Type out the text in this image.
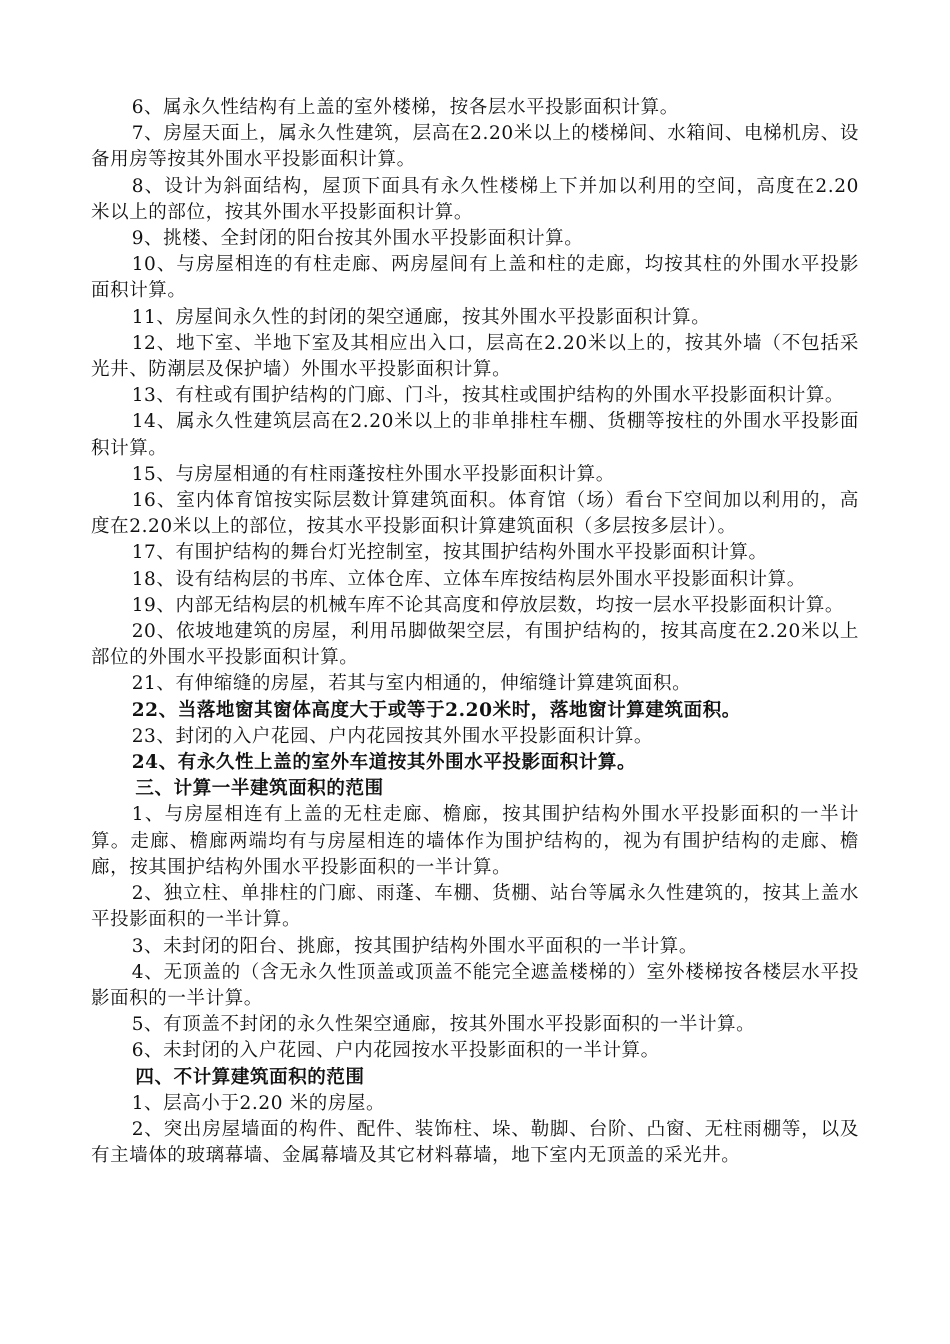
6、属永久性结构有上盖的室外楼梯，按各层水平投影面积计算。

7、房屋天面上，属永久性建筑，层高在2.20米以上的楼梯间、水箱间、电梯机房、设备用房等按其外围水平投影面积计算。

8、设计为斜面结构，屋顶下面具有永久性楼梯上下并加以利用的空间，高度在2.20 米以上的部位，按其外围水平投影面积计算。

9、挑楼、全封闭的阳台按其外围水平投影面积计算。

10、与房屋相连的有柱走廊、两房屋间有上盖和柱的走廊，均按其柱的外围水平投影面积计算。

11、房屋间永久性的封闭的架空通廊，按其外围水平投影面积计算。

12、地下室、半地下室及其相应出入口，层高在2.20米以上的，按其外墙（不包括采光井、防潮层及保护墙）外围水平投影面积计算。

13、有柱或有围护结构的门廊、门斗，按其柱或围护结构的外围水平投影面积计算。

14、属永久性建筑层高在2.20米以上的非单排柱车棚、货棚等按柱的外围水平投影面积计算。

15、与房屋相通的有柱雨蓬按柱外围水平投影面积计算。

16、室内体育馆按实际层数计算建筑面积。体育馆（场）看台下空间加以利用的，高度在2.20米以上的部位，按其水平投影面积计算建筑面积（多层按多层计）。

17、有围护结构的舞台灯光控制室，按其围护结构外围水平投影面积计算。

18、设有结构层的书库、立体仓库、立体车库按结构层外围水平投影面积计算。

19、内部无结构层的机械车库不论其高度和停放层数，均按一层水平投影面积计算。

20、依坡地建筑的房屋，利用吊脚做架空层，有围护结构的，按其高度在2.20米以上部位的外围水平投影面积计算。

21、有伸缩缝的房屋，若其与室内相通的，伸缩缝计算建筑面积。

22、当落地窗其窗体高度大于或等于2.20米时，落地窗计算建筑面积。

23、封闭的入户花园、户内花园按其外围水平投影面积计算。

24、有永久性上盖的室外车道按其外围水平投影面积计算。

三、计算一半建筑面积的范围

1、与房屋相连有上盖的无柱走廊、檐廊，按其围护结构外围水平投影面积的一半计算。走廊、檐廊两端均有与房屋相连的墙体作为围护结构的，视为有围护结构的走廊、檐廊，按其围护结构外围水平投影面积的一半计算。

2、独立柱、单排柱的门廊、雨蓬、车棚、货棚、站台等属永久性建筑的，按其上盖水平投影面积的一半计算。

3、未封闭的阳台、挑廊，按其围护结构外围水平面积的一半计算。

4、无顶盖的（含无永久性顶盖或顶盖不能完全遮盖楼梯的）室外楼梯按各楼层水平投影面积的一半计算。

5、有顶盖不封闭的永久性架空通廊，按其外围水平投影面积的一半计算。

6、未封闭的入户花园、户内花园按水平投影面积的一半计算。

四、不计算建筑面积的范围

1、层高小于2.20 米的房屋。

2、突出房屋墙面的构件、配件、装饰柱、垛、勒脚、台阶、凸窗、无柱雨棚等，以及有主墙体的玻璃幕墙、金属幕墙及其它材料幕墙，地下室内无顶盖的采光井。
